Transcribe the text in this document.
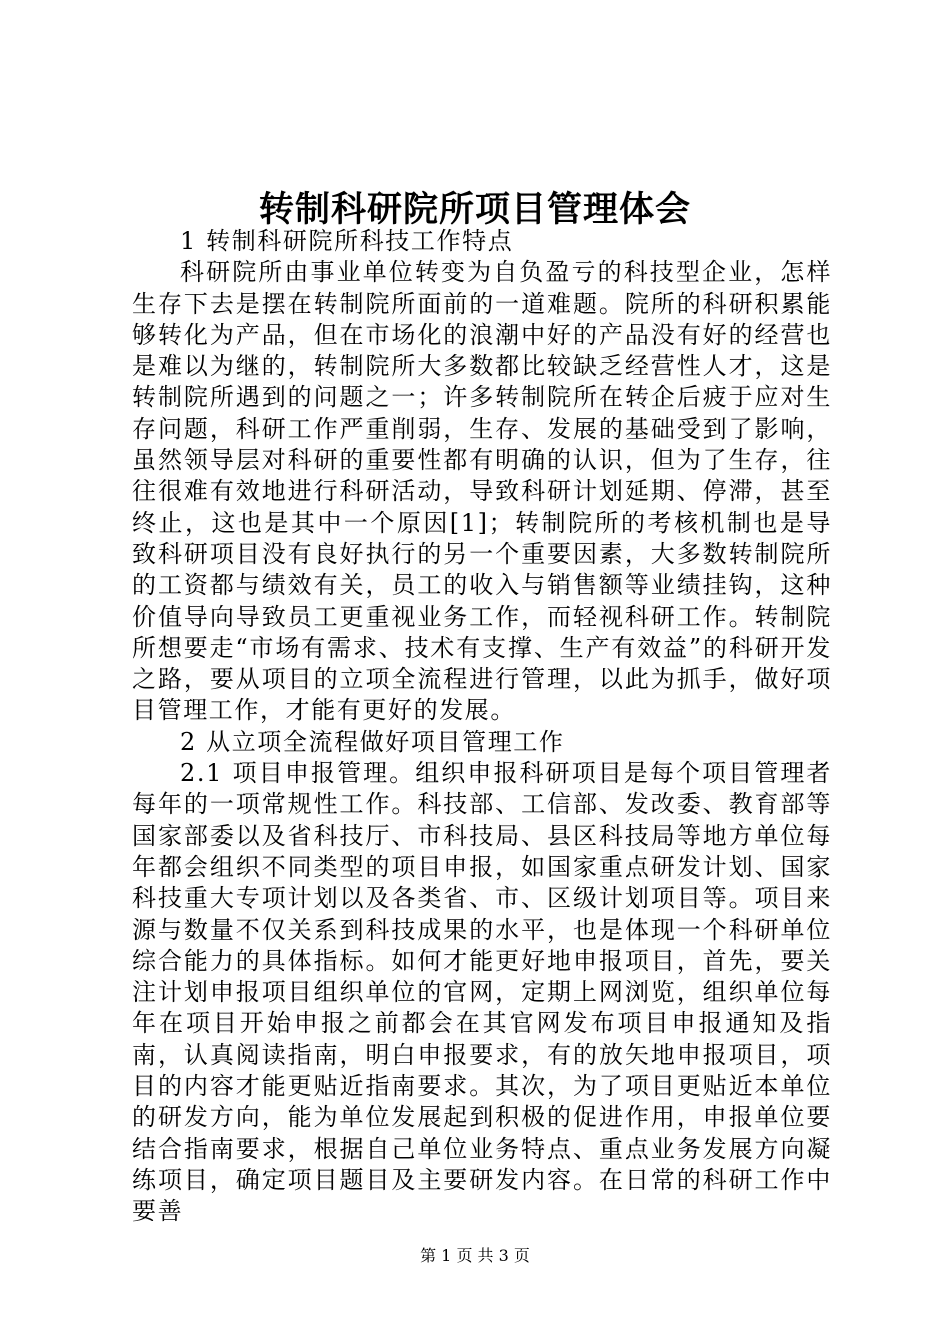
转制科研院所项目管理体会

1 转制科研院所科技工作特点

科研院所由事业单位转变为自负盈亏的科技型企业，怎样生存下去是摆在转制院所面前的一道难题。院所的科研积累能够转化为产品，但在市场化的浪潮中好的产品没有好的经营也是难以为继的，转制院所大多数都比较缺乏经营性人才，这是转制院所遇到的问题之一；许多转制院所在转企后疲于应对生存问题，科研工作严重削弱，生存、发展的基础受到了影响，虽然领导层对科研的重要性都有明确的认识，但为了生存，往往很难有效地进行科研活动，导致科研计划延期、停滞，甚至终止，这也是其中一个原因[1]；转制院所的考核机制也是导致科研项目没有良好执行的另一个重要因素，大多数转制院所的工资都与绩效有关，员工的收入与销售额等业绩挂钩，这种价值导向导致员工更重视业务工作，而轻视科研工作。转制院所想要走“市场有需求、技术有支撑、生产有效益”的科研开发之路，要从项目的立项全流程进行管理，以此为抓手，做好项目管理工作，才能有更好的发展。

2 从立项全流程做好项目管理工作

2.1 项目申报管理。组织申报科研项目是每个项目管理者每年的一项常规性工作。科技部、工信部、发改委、教育部等国家部委以及省科技厅、市科技局、县区科技局等地方单位每年都会组织不同类型的项目申报，如国家重点研发计划、国家科技重大专项计划以及各类省、市、区级计划项目等。项目来源与数量不仅关系到科技成果的水平，也是体现一个科研单位综合能力的具体指标。如何才能更好地申报项目，首先，要关注计划申报项目组织单位的官网，定期上网浏览，组织单位每年在项目开始申报之前都会在其官网发布项目申报通知及指南，认真阅读指南，明白申报要求，有的放矢地申报项目，项目的内容才能更贴近指南要求。其次，为了项目更贴近本单位的研发方向，能为单位发展起到积极的促进作用，申报单位要结合指南要求，根据自己单位业务特点、重点业务发展方向凝练项目，确定项目题目及主要研发内容。在日常的科研工作中要善

第 1 页 共 3 页
